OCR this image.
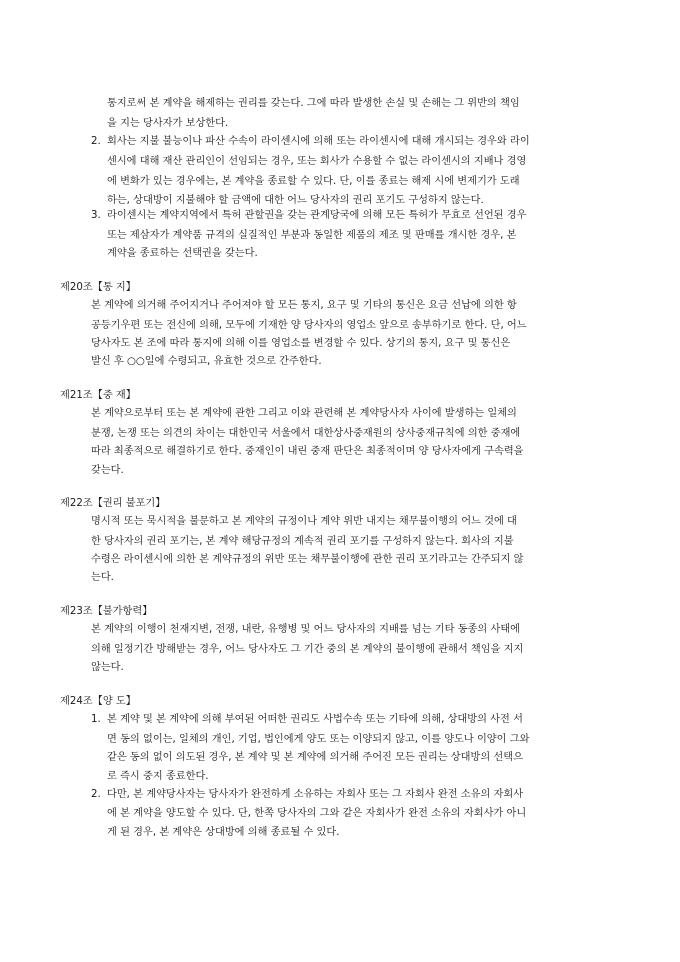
통지로써 본 계약을 해제하는 권리를 갖는다. 그에 따라 발생한 손실 및 손해는 그 위반의 책임
을 지는 당사자가 보상한다.
2. 회사는 지불 불능이나 파산 수속이 라이센시에 의해 또는 라이센시에 대해 개시되는 경우와 라이
센시에 대해 재산 관리인이 선임되는 경우, 또는 회사가 수용할 수 없는 라이센시의 지배나 경영
에 변화가 있는 경우에는, 본 계약을 종료할 수 있다. 단, 이를 종료는 해제 시에 변제기가 도래
하는, 상대방이 지불해야 할 금액에 대한 어느 당사자의 권리 포기도 구성하지 않는다.
3. 라이센시는 계약지역에서 특허 관할권을 갖는 관계당국에 의해 모든 특허가 무효로 선언된 경우
또는 제삼자가 계약품 규격의 실질적인 부분과 동일한 제품의 제조 및 판매를 개시한 경우, 본
계약을 종료하는 선택권을 갖는다.
제20조【통 지】
본 계약에 의거해 주어지거나 주어져야 할 모든 통지, 요구 및 기타의 통신은 요금 선납에 의한 항
공등기우편 또는 전신에 의해, 모두에 기재한 양 당사자의 영업소 앞으로 송부하기로 한다. 단, 어느
당사자도 본 조에 따라 통지에 의해 이를 영업소를 변경할 수 있다. 상기의 통지, 요구 및 통신은
발신 후 ○○일에 수령되고, 유효한 것으로 간주한다.
제21조【중 재】
본 계약으로부터 또는 본 계약에 관한 그리고 이와 관련해 본 계약당사자 사이에 발생하는 일체의
분쟁, 논쟁 또는 의견의 차이는 대한민국 서울에서 대한상사중재원의 상사중재규칙에 의한 중재에
따라 최종적으로 해결하기로 한다. 중재인이 내린 중재 판단은 최종적이며 양 당사자에게 구속력을
갖는다.
제22조【권리 불포기】
명시적 또는 묵시적을 불문하고 본 계약의 규정이나 계약 위반 내지는 채무불이행의 어느 것에 대
한 당사자의 권리 포기는, 본 계약 해당규정의 계속적 권리 포기를 구성하지 않는다. 회사의 지불
수령은 라이센시에 의한 본 계약규정의 위반 또는 채무불이행에 관한 권리 포기라고는 간주되지 않
는다.
제23조【불가항력】
본 계약의 이행이 천재지변, 전쟁, 내란, 유행병 및 어느 당사자의 지배를 넘는 기타 동종의 사태에
의해 일정기간 방해받는 경우, 어느 당사자도 그 기간 중의 본 계약의 불이행에 관해서 책임을 지지
않는다.
제24조【양 도】
1. 본 계약 및 본 계약에 의해 부여된 어떠한 권리도 사법수속 또는 기타에 의해, 상대방의 사전 서
면 동의 없이는, 일체의 개인, 기업, 법인에게 양도 또는 이양되지 않고, 이를 양도나 이양이 그와
같은 동의 없이 의도된 경우, 본 계약 및 본 계약에 의거해 주어진 모든 권리는 상대방의 선택으
로 즉시 중지 종료한다.
2. 다만, 본 계약당사자는 당사자가 완전하게 소유하는 자회사 또는 그 자회사 완전 소유의 자회사
에 본 계약을 양도할 수 있다. 단, 한쪽 당사자의 그와 같은 자회사가 완전 소유의 자회사가 아니
게 된 경우, 본 계약은 상대방에 의해 종료될 수 있다.
